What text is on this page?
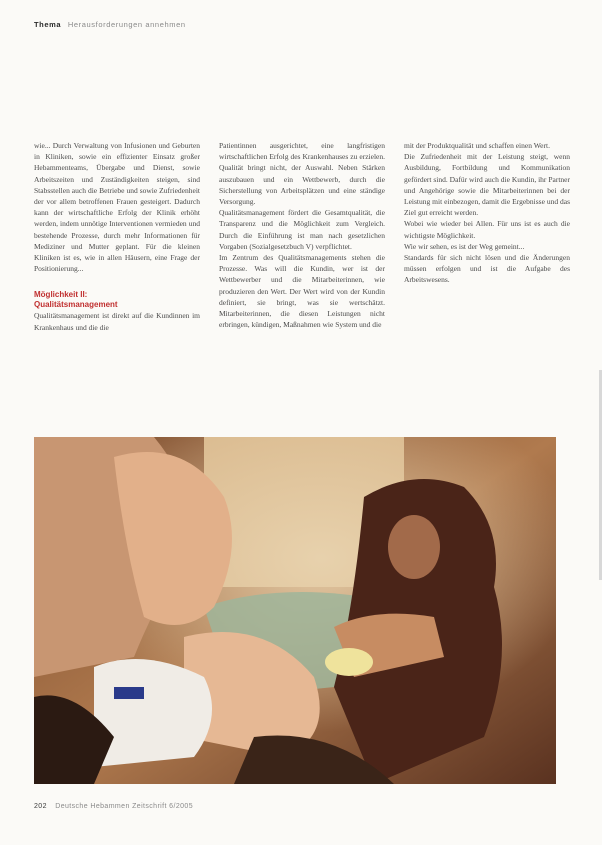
Thema Herausforderungen annehmen

wie... Durch Verwaltung von Infusionen und Geburten in Kliniken, sowie ein effizienter Einsatz großer Hebammenteams, Übergabe und Dienst, sowie Arbeitszeiten und Zuständigkeiten steigen, sind Stabsstellen auch die Betriebe und sowie Zufriedenheit der vor allem betroffenen Frauen gesteigert. Dadurch kann der wirtschaftliche Erfolg der Klinik erhöht werden, indem unnötige Interventionen vermieden und bestehende Prozesse, durch mehr Informationen für Mediziner und Mutter geplant. Für die kleinen Kliniken ist es, wie in allen Häusern, eine Frage der Positionierung...

Möglichkeit II:
Qualitätsmanagement

Qualitätsmanagement ist direkt auf die Kundinnen im Krankenhaus und die die

Patientinnen ausgerichtet, eine langfristigen wirtschaftlichen Erfolg des Krankenhauses zu erzielen. Qualität bringt nicht, der Auswahl. Neben Stärken auszubauen und ein Wettbewerb, durch die Sicherstellung von Arbeitsplätzen und eine ständige Versorgung.

Qualitätsmanagement fördert die Gesamtqualität, die Transparenz und die Möglichkeit zum Vergleich. Durch die Einführung ist man nach gesetzlichen Vorgaben (Sozialgesetzbuch V) verpflichtet.

Im Zentrum des Qualitätsmanagements stehen die Prozesse. Was will die Kundin, wer ist der Wettbewerber und die Mitarbeiterinnen, wie produzieren den Wert. Der Wert wird von der Kundin definiert, sie bringt, was sie wertschätzt. Mitarbeiterinnen, die diesen Leistungen nicht erbringen, kündigen, Maßnahmen wie System und die

mit der Produktqualität und schaffen einen Wert.

Die Zufriedenheit mit der Leistung steigt, wenn Ausbildung, Fortbildung und Kommunikation gefördert sind. Dafür wird auch die Kundin, ihr Partner und Angehörige sowie die Mitarbeiterinnen bei der Leistung mit einbezogen, damit die Ergebnisse und das Ziel gut erreicht werden.

Wobei wie wieder bei Allen. Für uns ist es auch die wichtigste Möglichkeit.

Wie wir sehen, es ist der Weg gemeint...

Standards für sich nicht lösen und die Änderungen müssen erfolgen und ist die Aufgabe des Arbeitswesens.

202 Deutsche Hebammen Zeitschrift 6/2005
